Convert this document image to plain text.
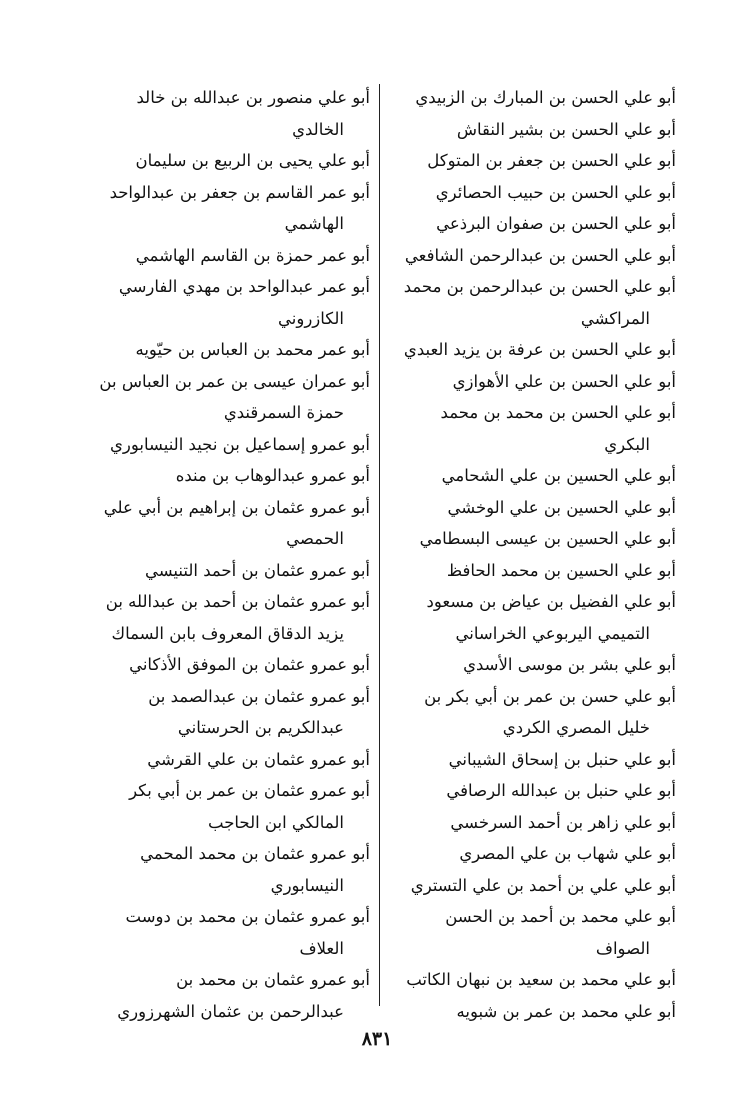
أبو علي الحسن بن المبارك بن الزبيدي
أبو علي الحسن بن بشير النقاش
أبو علي الحسن بن جعفر بن المتوكل
أبو علي الحسن بن حبيب الحصائري
أبو علي الحسن بن صفوان البرذعي
أبو علي الحسن بن عبدالرحمن الشافعي
أبو علي الحسن بن عبدالرحمن بن محمد
المراكشي
أبو علي الحسن بن عرفة بن يزيد العبدي
أبو علي الحسن بن علي الأهوازي
أبو علي الحسن بن محمد بن محمد
البكري
أبو علي الحسين بن علي الشحامي
أبو علي الحسين بن علي الوخشي
أبو علي الحسين بن عيسى البسطامي
أبو علي الحسين بن محمد الحافظ
أبو علي الفضيل بن عياض بن مسعود
التميمي اليربوعي الخراساني
أبو علي بشر بن موسى الأسدي
أبو علي حسن بن عمر بن أبي بكر بن
خليل المصري الكردي
أبو علي حنبل بن إسحاق الشيباني
أبو علي حنبل بن عبدالله الرصافي
أبو علي زاهر بن أحمد السرخسي
أبو علي شهاب بن علي المصري
أبو علي علي بن أحمد بن علي التستري
أبو علي محمد بن أحمد بن الحسن
الصواف
أبو علي محمد بن سعيد بن نبهان الكاتب
أبو علي محمد بن عمر بن شبويه
أبو علي منصور بن عبدالله بن خالد
الخالدي
أبو علي يحيى بن الربيع بن سليمان
أبو عمر القاسم بن جعفر بن عبدالواحد
الهاشمي
أبو عمر حمزة بن القاسم الهاشمي
أبو عمر عبدالواحد بن مهدي الفارسي
الكازروني
أبو عمر محمد بن العباس بن حيّويه
أبو عمران عيسى بن عمر بن العباس بن
حمزة السمرقندي
أبو عمرو إسماعيل بن نجيد النيسابوري
أبو عمرو عبدالوهاب بن منده
أبو عمرو عثمان بن إبراهيم بن أبي علي
الحمصي
أبو عمرو عثمان بن أحمد التنيسي
أبو عمرو عثمان بن أحمد بن عبدالله بن
يزيد الدقاق المعروف بابن السماك
أبو عمرو عثمان بن الموفق الأذكاني
أبو عمرو عثمان بن عبدالصمد بن
عبدالكريم بن الحرستاني
أبو عمرو عثمان بن علي القرشي
أبو عمرو عثمان بن عمر بن أبي بكر
المالكي ابن الحاجب
أبو عمرو عثمان بن محمد المحمي
النيسابوري
أبو عمرو عثمان بن محمد بن دوست
العلاف
أبو عمرو عثمان بن محمد بن
عبدالرحمن بن عثمان الشهرزوري
٨٣١
